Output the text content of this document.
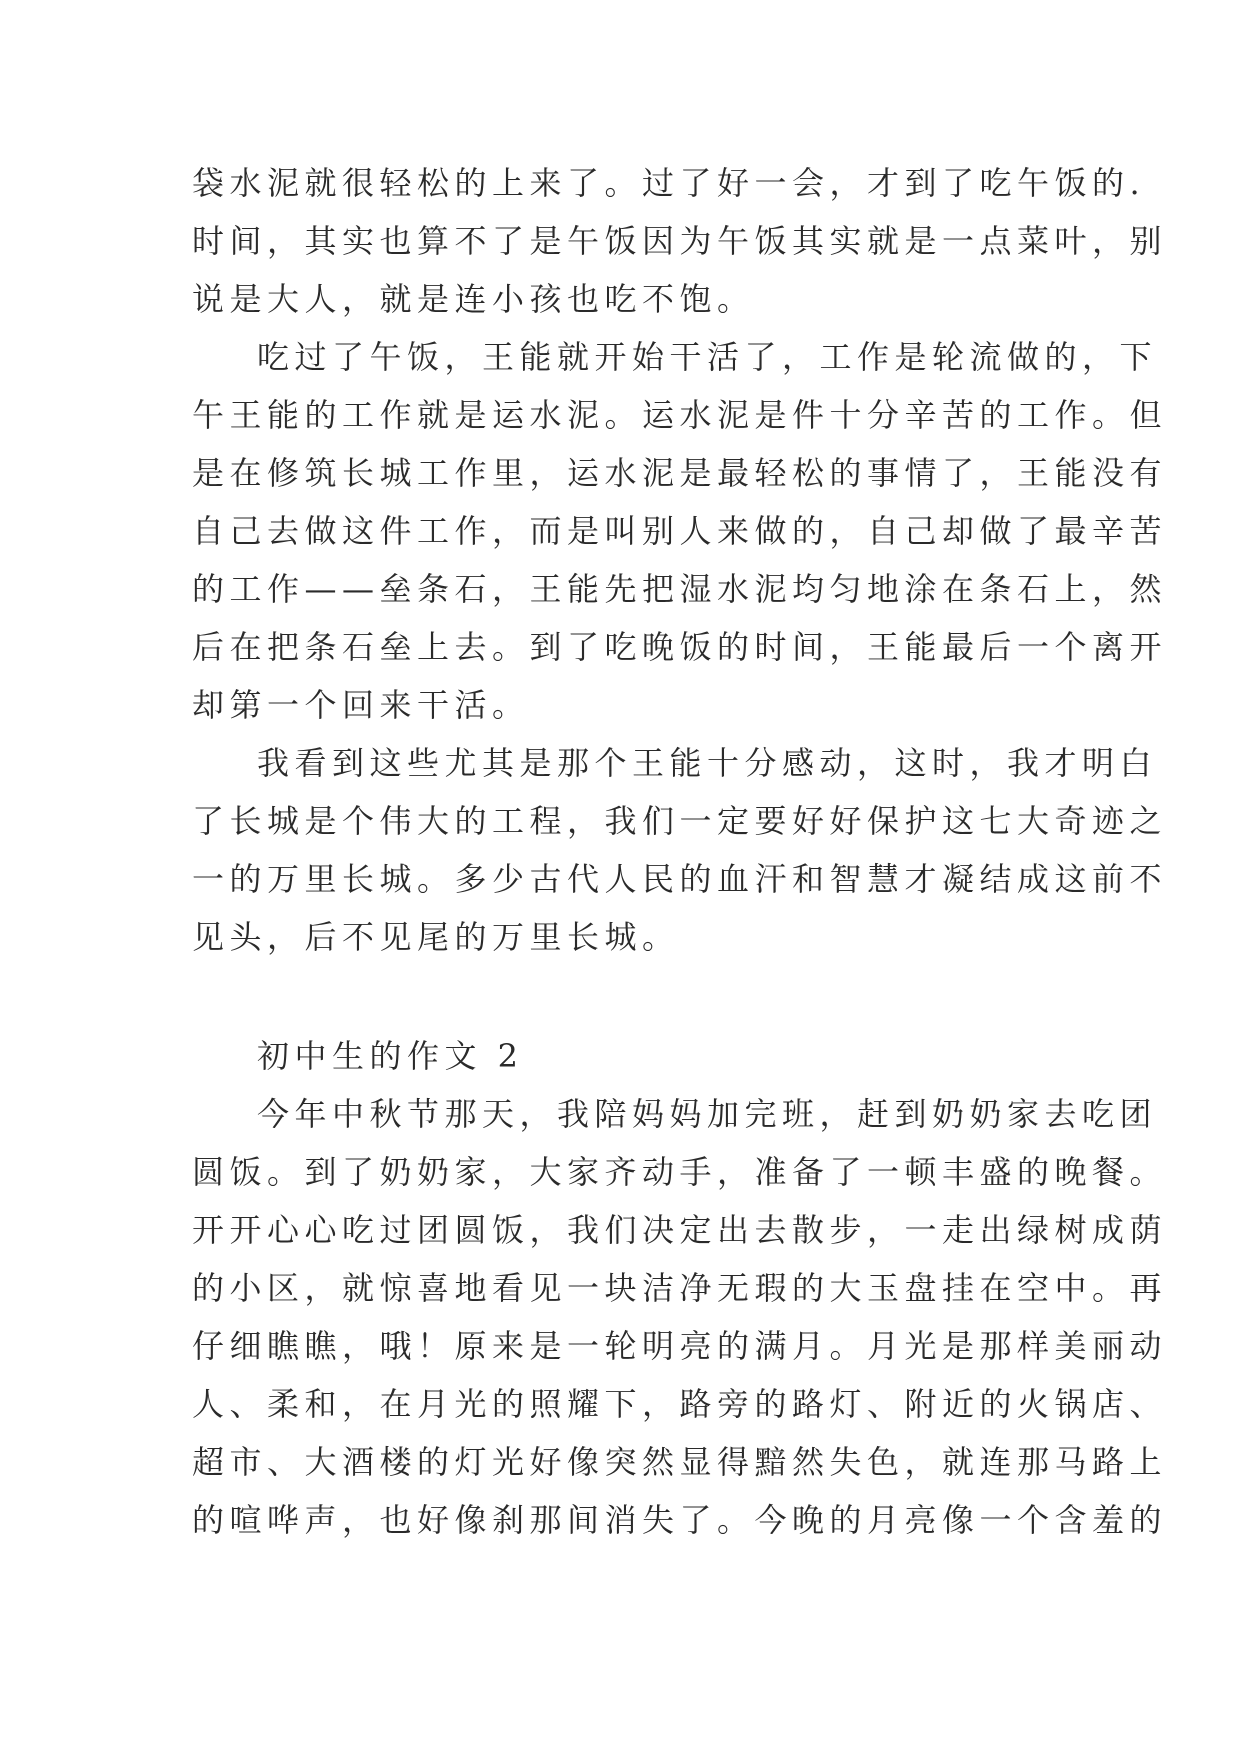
袋水泥就很轻松的上来了。过了好一会，才到了吃午饭的.
时间，其实也算不了是午饭因为午饭其实就是一点菜叶，别
说是大人，就是连小孩也吃不饱。
吃过了午饭，王能就开始干活了，工作是轮流做的，下
午王能的工作就是运水泥。运水泥是件十分辛苦的工作。但
是在修筑长城工作里，运水泥是最轻松的事情了，王能没有
自己去做这件工作，而是叫别人来做的，自己却做了最辛苦
的工作——垒条石，王能先把湿水泥均匀地涂在条石上，然
后在把条石垒上去。到了吃晚饭的时间，王能最后一个离开
却第一个回来干活。
我看到这些尤其是那个王能十分感动，这时，我才明白
了长城是个伟大的工程，我们一定要好好保护这七大奇迹之
一的万里长城。多少古代人民的血汗和智慧才凝结成这前不
见头，后不见尾的万里长城。
初中生的作文 2
今年中秋节那天，我陪妈妈加完班，赶到奶奶家去吃团
圆饭。到了奶奶家，大家齐动手，准备了一顿丰盛的晚餐。
开开心心吃过团圆饭，我们决定出去散步，一走出绿树成荫
的小区，就惊喜地看见一块洁净无瑕的大玉盘挂在空中。再
仔细瞧瞧，哦！原来是一轮明亮的满月。月光是那样美丽动
人、柔和，在月光的照耀下，路旁的路灯、附近的火锅店、
超市、大酒楼的灯光好像突然显得黯然失色，就连那马路上
的喧哗声，也好像刹那间消失了。今晚的月亮像一个含羞的
